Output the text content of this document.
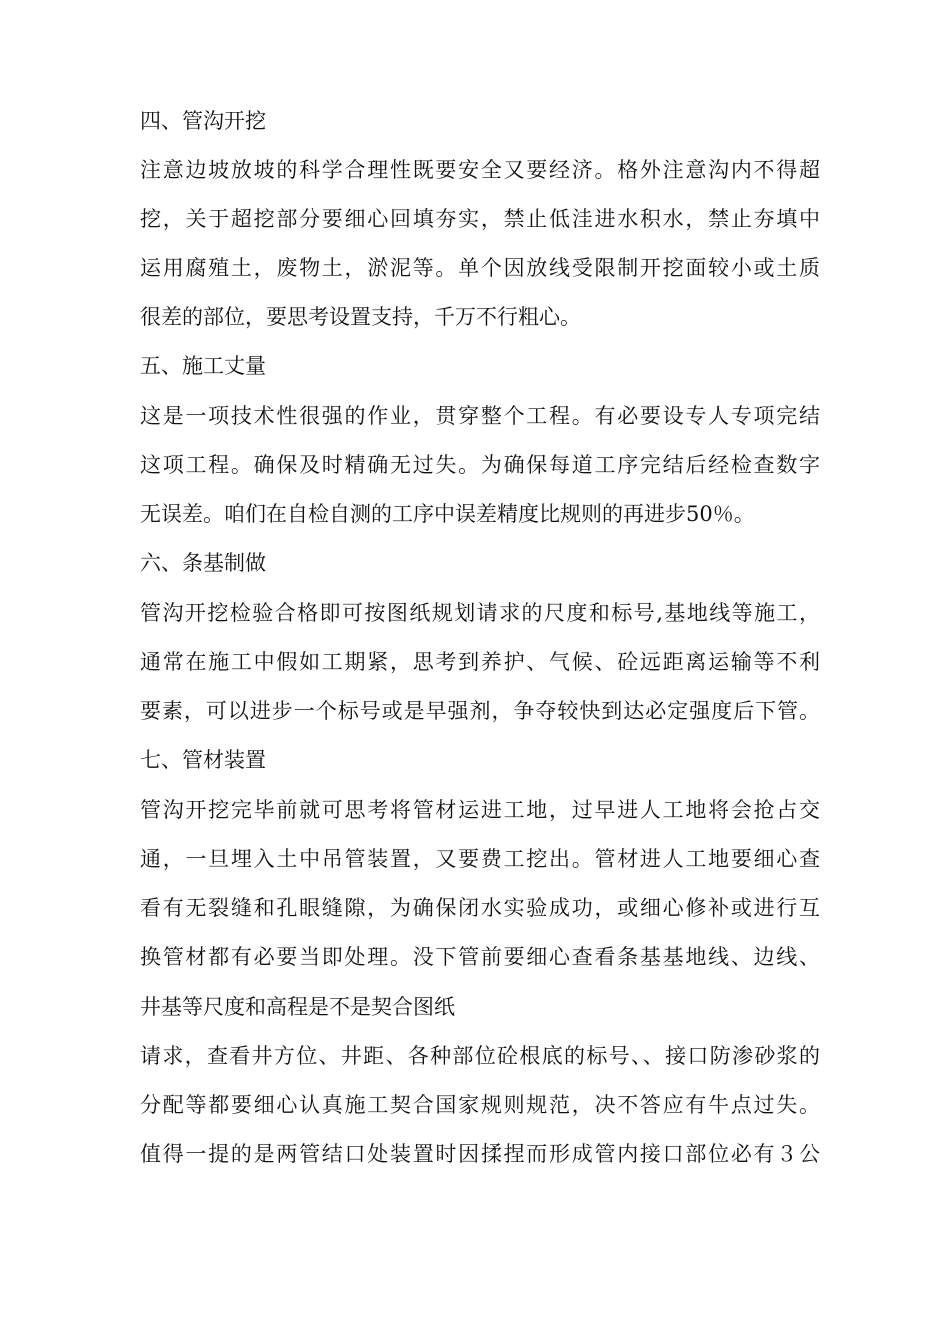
四、管沟开挖
注意边坡放坡的科学合理性既要安全又要经济。格外注意沟内不得超
挖，关于超挖部分要细心回填夯实，禁止低洼进水积水，禁止夯填中
运用腐殖土，废物土，淤泥等。单个因放线受限制开挖面较小或土质
很差的部位，要思考设置支持，千万不行粗心。
五、施工丈量
这是一项技术性很强的作业，贯穿整个工程。有必要设专人专项完结
这项工程。确保及时精确无过失。为确保每道工序完结后经检查数字
无误差。咱们在自检自测的工序中误差精度比规则的再进步50％。
六、条基制做
管沟开挖检验合格即可按图纸规划请求的尺度和标号,基地线等施工，
通常在施工中假如工期紧，思考到养护、气候、砼远距离运输等不利
要素，可以进步一个标号或是早强剂，争夺较快到达必定强度后下管。
七、管材装置
管沟开挖完毕前就可思考将管材运进工地，过早进人工地将会抢占交
通，一旦埋入土中吊管装置，又要费工挖出。管材进人工地要细心查
看有无裂缝和孔眼缝隙，为确保闭水实验成功，或细心修补或进行互
换管材都有必要当即处理。没下管前要细心查看条基基地线、边线、
井基等尺度和高程是不是契合图纸
请求，查看井方位、井距、各种部位砼根底的标号、、接口防渗砂浆的
分配等都要细心认真施工契合国家规则规范，决不答应有牛点过失。
值得一提的是两管结口处装置时因揉捏而形成管内接口部位必有３公
